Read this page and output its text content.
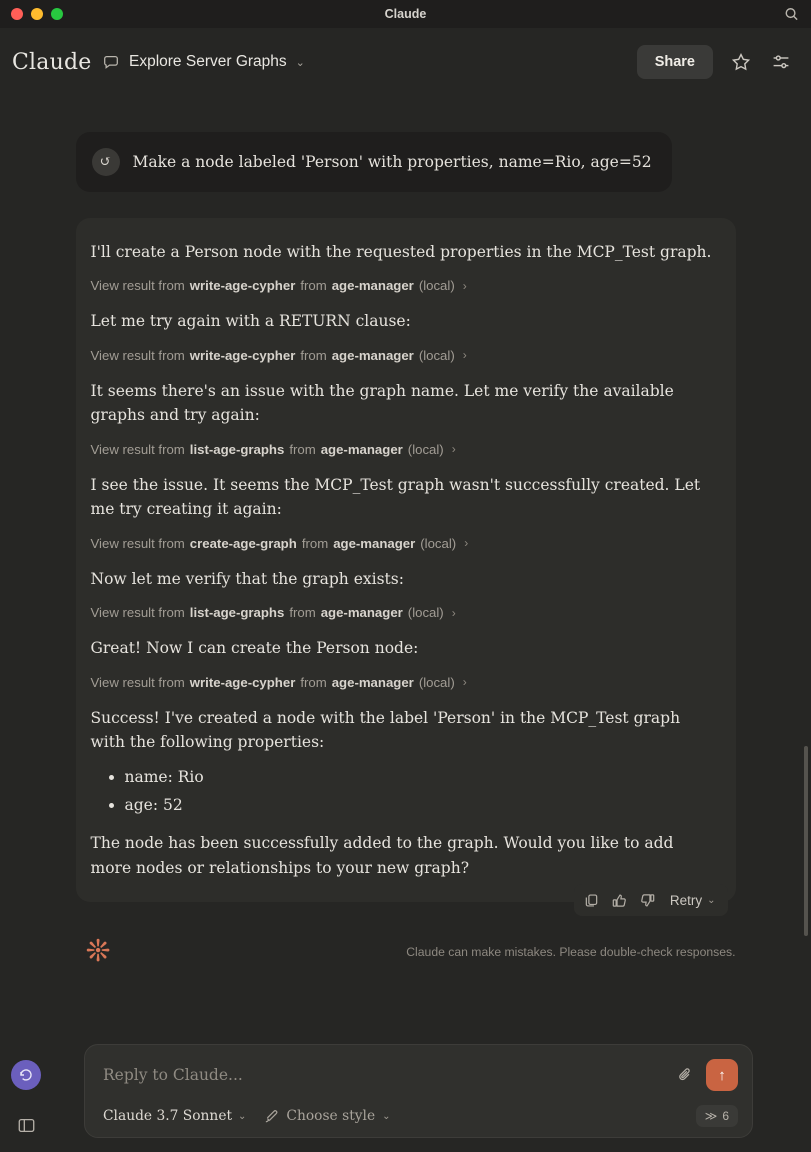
Claude
Claude	Explore Server Graphs ⌄	Share
↺	Make a node labeled 'Person' with properties, name=Rio, age=52

I'll create a Person node with the requested properties in the MCP_Test graph.

View result from write-age-cypher from age-manager (local) ›

Let me try again with a RETURN clause:

View result from write-age-cypher from age-manager (local) ›

It seems there's an issue with the graph name. Let me verify the available graphs and try again:

View result from list-age-graphs from age-manager (local) ›

I see the issue. It seems the MCP_Test graph wasn't successfully created. Let me try creating it again:

View result from create-age-graph from age-manager (local) ›

Now let me verify that the graph exists:

View result from list-age-graphs from age-manager (local) ›

Great! Now I can create the Person node:

View result from write-age-cypher from age-manager (local) ›

Success! I've created a node with the label 'Person' in the MCP_Test graph with the following properties:

• name: Rio
• age: 52

The node has been successfully added to the graph. Would you like to add more nodes or relationships to your new graph?

Retry ⌄
❊	Claude can make mistakes. Please double-check responses.
Reply to Claude...
↑
Claude 3.7 Sonnet ⌄	Choose style ⌄	≫ 6
